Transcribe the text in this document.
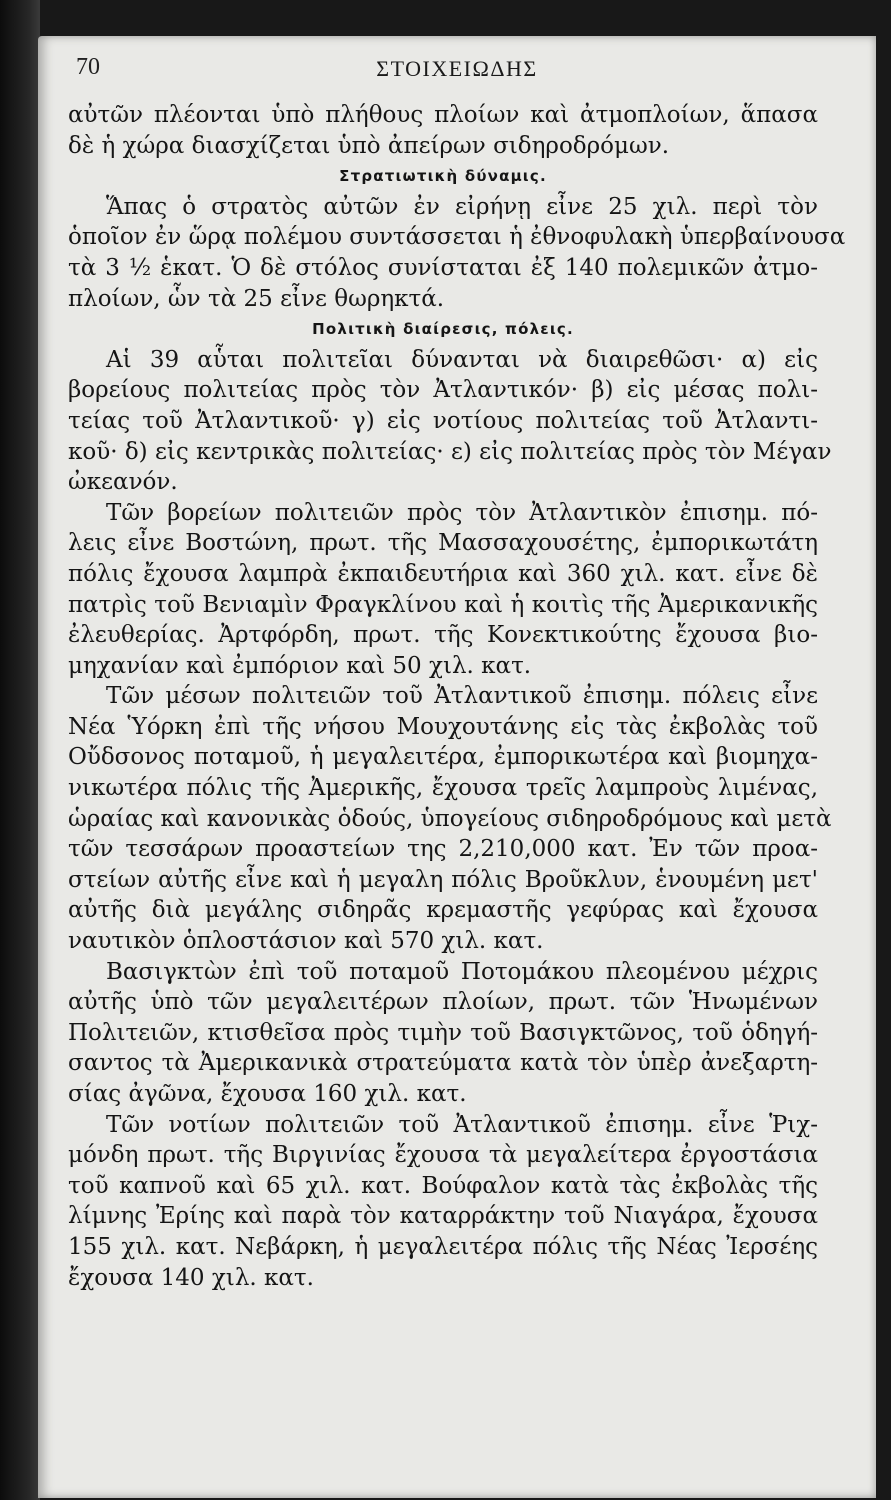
70	ΣΤΟΙΧΕΙΩΔΗΣ
αὐτῶν πλέονται ὑπὸ πλήθους πλοίων καὶ ἀτμοπλοίων, ἅπασα
δὲ ἡ χώρα διασχίζεται ὑπὸ ἀπείρων σιδηροδρόμων.
Στρατιωτικὴ δύναμις.
Ἅπας ὁ στρατὸς αὐτῶν ἐν εἰρήνῃ εἶνε 25 χιλ. περὶ τὸν
ὁποῖον ἐν ὥρᾳ πολέμου συντάσσεται ἡ ἐθνοφυλακὴ ὑπερβαίνουσα
τὰ 3 ½ ἑκατ. Ὁ δὲ στόλος συνίσταται ἐξ 140 πολεμικῶν ἀτμο-
πλοίων, ὧν τὰ 25 εἶνε θωρηκτά.
Πολιτικὴ διαίρεσις, πόλεις.
Αἱ 39 αὗται πολιτεῖαι δύνανται νὰ διαιρεθῶσι· α) εἰς
βορείους πολιτείας πρὸς τὸν Ἀτλαντικόν· β) εἰς μέσας πολι-
τείας τοῦ Ἀτλαντικοῦ· γ) εἰς νοτίους πολιτείας τοῦ Ἀτλαντι-
κοῦ· δ) εἰς κεντρικὰς πολιτείας· ε) εἰς πολιτείας πρὸς τὸν Μέγαν
ὠκεανόν.
Τῶν βορείων πολιτειῶν πρὸς τὸν Ἀτλαντικὸν ἐπισημ. πό-
λεις εἶνε Βοστώνη, πρωτ. τῆς Μασσαχουσέτης, ἐμπορικωτάτη
πόλις ἔχουσα λαμπρὰ ἐκπαιδευτήρια καὶ 360 χιλ. κατ. εἶνε δὲ
πατρὶς τοῦ Βενιαμὶν Φραγκλίνου καὶ ἡ κοιτὶς τῆς Ἀμερικανικῆς
ἐλευθερίας. Ἀρτφόρδη, πρωτ. τῆς Κονεκτικούτης ἔχουσα βιο-
μηχανίαν καὶ ἐμπόριον καὶ 50 χιλ. κατ.
Τῶν μέσων πολιτειῶν τοῦ Ἀτλαντικοῦ ἐπισημ. πόλεις εἶνε
Νέα Ὑόρκη ἐπὶ τῆς νήσου Μουχουτάνης εἰς τὰς ἐκβολὰς τοῦ
Οὔδσονος ποταμοῦ, ἡ μεγαλειτέρα, ἐμπορικωτέρα καὶ βιομηχα-
νικωτέρα πόλις τῆς Ἀμερικῆς, ἔχουσα τρεῖς λαμπροὺς λιμένας,
ὡραίας καὶ κανονικὰς ὁδούς, ὑπογείους σιδηροδρόμους καὶ μετὰ
τῶν τεσσάρων προαστείων της 2,210,000 κατ. Ἐν τῶν προα-
στείων αὐτῆς εἶνε καὶ ἡ μεγαλη πόλις Βροῦκλυν, ἑνουμένη μετ'
αὐτῆς διὰ μεγάλης σιδηρᾶς κρεμαστῆς γεφύρας καὶ ἔχουσα
ναυτικὸν ὁπλοστάσιον καὶ 570 χιλ. κατ.
Βασιγκτὼν ἐπὶ τοῦ ποταμοῦ Ποτομάκου πλεομένου μέχρις
αὐτῆς ὑπὸ τῶν μεγαλειτέρων πλοίων, πρωτ. τῶν Ἡνωμένων
Πολιτειῶν, κτισθεῖσα πρὸς τιμὴν τοῦ Βασιγκτῶνος, τοῦ ὁδηγή-
σαντος τὰ Ἀμερικανικὰ στρατεύματα κατὰ τὸν ὑπὲρ ἀνεξαρτη-
σίας ἀγῶνα, ἔχουσα 160 χιλ. κατ.
Τῶν νοτίων πολιτειῶν τοῦ Ἀτλαντικοῦ ἐπισημ. εἶνε Ῥιχ-
μόνδη πρωτ. τῆς Βιργινίας ἔχουσα τὰ μεγαλείτερα ἐργοστάσια
τοῦ καπνοῦ καὶ 65 χιλ. κατ. Βούφαλον κατὰ τὰς ἐκβολὰς τῆς
λίμνης Ἐρίης καὶ παρὰ τὸν καταρράκτην τοῦ Νιαγάρα, ἔχουσα
155 χιλ. κατ. Νεβάρκη, ἡ μεγαλειτέρα πόλις τῆς Νέας Ἰερσέης
ἔχουσα 140 χιλ. κατ.
